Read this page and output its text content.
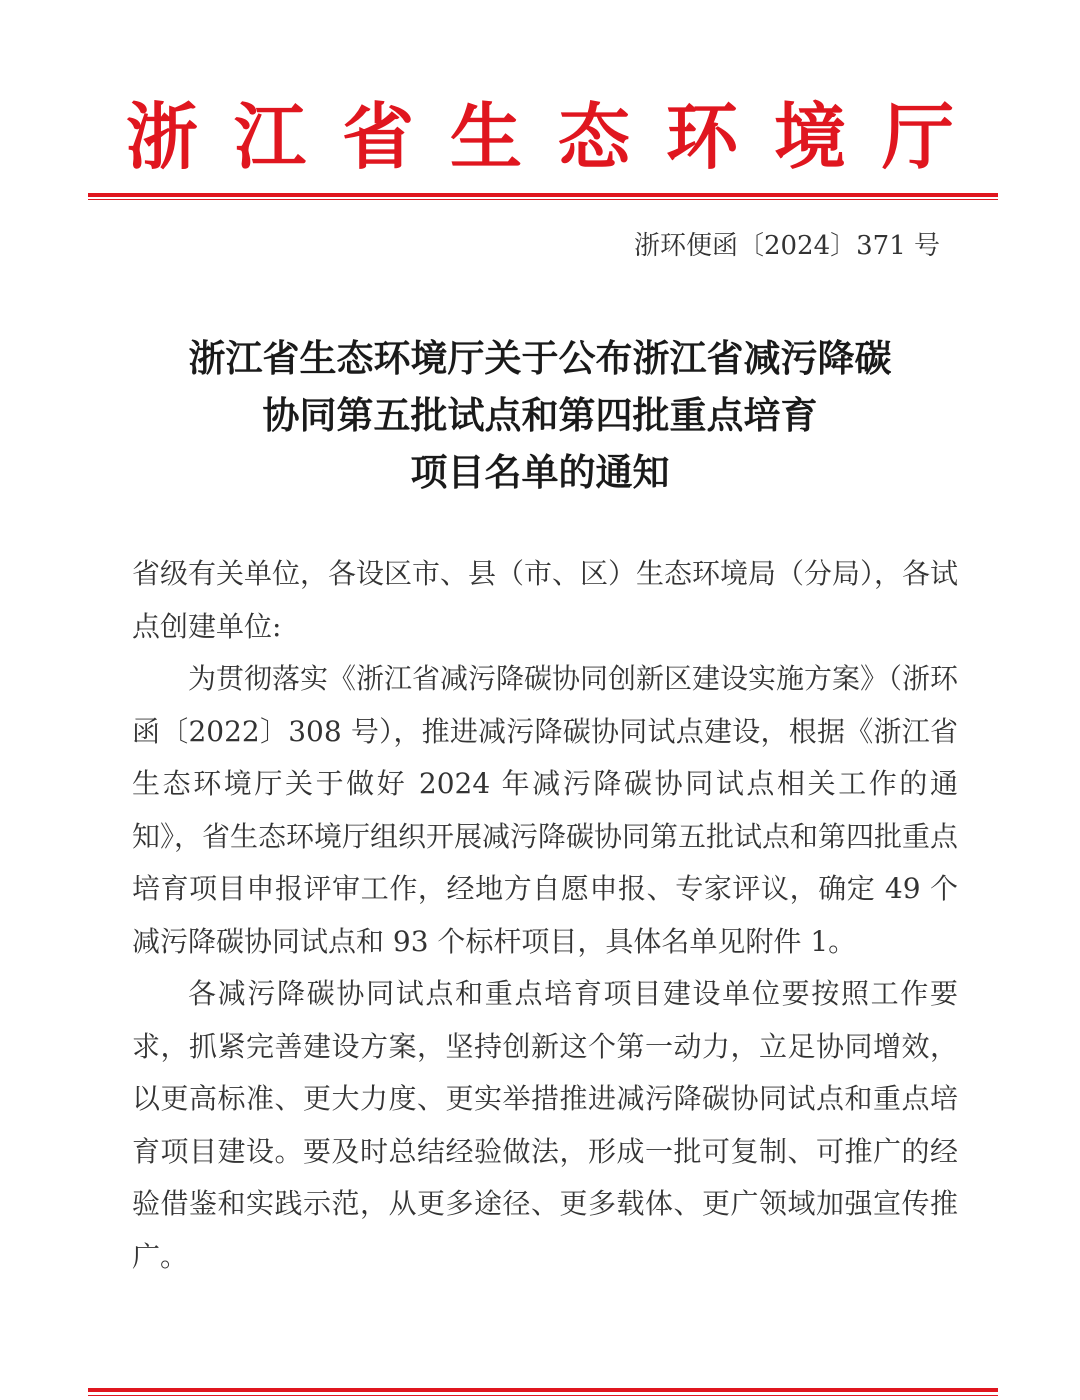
浙江省生态环境厅
浙环便函〔2024〕371 号
浙江省生态环境厅关于公布浙江省减污降碳
协同第五批试点和第四批重点培育
项目名单的通知

省级有关单位，各设区市、县（市、区）生态环境局（分局），各试点创建单位:

为贯彻落实《浙江省减污降碳协同创新区建设实施方案》（浙环函〔2022〕308 号），推进减污降碳协同试点建设，根据《浙江省生态环境厅关于做好 2024 年减污降碳协同试点相关工作的通知》，省生态环境厅组织开展减污降碳协同第五批试点和第四批重点培育项目申报评审工作，经地方自愿申报、专家评议，确定 49 个减污降碳协同试点和 93 个标杆项目，具体名单见附件 1。

各减污降碳协同试点和重点培育项目建设单位要按照工作要求，抓紧完善建设方案，坚持创新这个第一动力，立足协同增效，以更高标准、更大力度、更实举措推进减污降碳协同试点和重点培育项目建设。要及时总结经验做法，形成一批可复制、可推广的经验借鉴和实践示范，从更多途径、更多载体、更广领域加强宣传推广。
